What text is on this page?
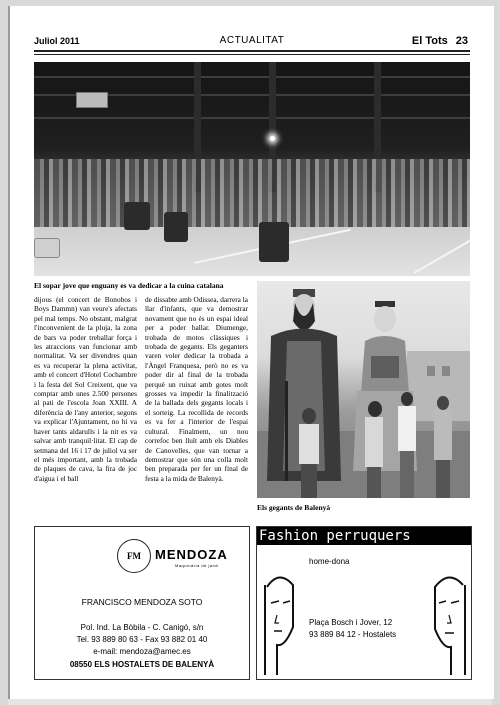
Juliol 2011	ACTUALITAT	El Tots 23
El sopar jove que enguany es va dedicar a la cuina catalana

dijous (el concert de Bonobos i Boys Dammn) van veure's afectats pel mal temps. No obstant, malgrat l'inconvenient de la pluja, la zona de bars va poder treballar força i les atraccions van funcionar amb normalitat. Va ser divendres quan es va recuperar la plena activitat, amb el concert d'Hotel Cochambre i la festa del Sol Creixent, que va comptar amb unes 2.500 persones al pati de l'escola Joan XXIII. A diferència de l'any anterior, segons va explicar l'Ajuntament, no hi va haver tants aldarulls i la nit es va salvar amb tranquil·litat. El cap de setmana del 16 i 17 de juliol va ser el més important, amb la trobada de plaques de cava, la fira de joc d'aigua i el ball

de dissabte amb Odissea, darrera la llar d'infants, que va demostrar novament que no és un espai ideal per a poder ballar. Diumenge, trobada de motos clàssiques i trobada de gegants. Els geganters varen voler dedicar la trobada a l'Àngel Franquesa, però no es va poder dir al final de la trobada perquè un ruixat amb gotes molt grosses va impedir la finalització de la ballada dels gegants locals i el sorteig. La recollida de records es va fer a l'interior de l'espai cultural. Finalment, un nou correfoc ben lluït amb els Diables de Canovelles, que van tornar a demostrar que són una colla molt ben preparada per fer un final de festa a la mida de Balenyà.

Els gegants de Balenyà
FM	MENDOZA
Maquinària de jardí
FRANCISCO MENDOZA SOTO
Pol. Ind. La Bòbila - C. Canigó, s/n
Tel. 93 889 80 63 - Fax 93 882 01 40
e-mail: mendoza@amec.es
08550 ELS HOSTALETS DE BALENYÀ
Fashion perruquers
home-dona
Plaça Bosch i Jover, 12
93 889 84 12 - Hostalets
